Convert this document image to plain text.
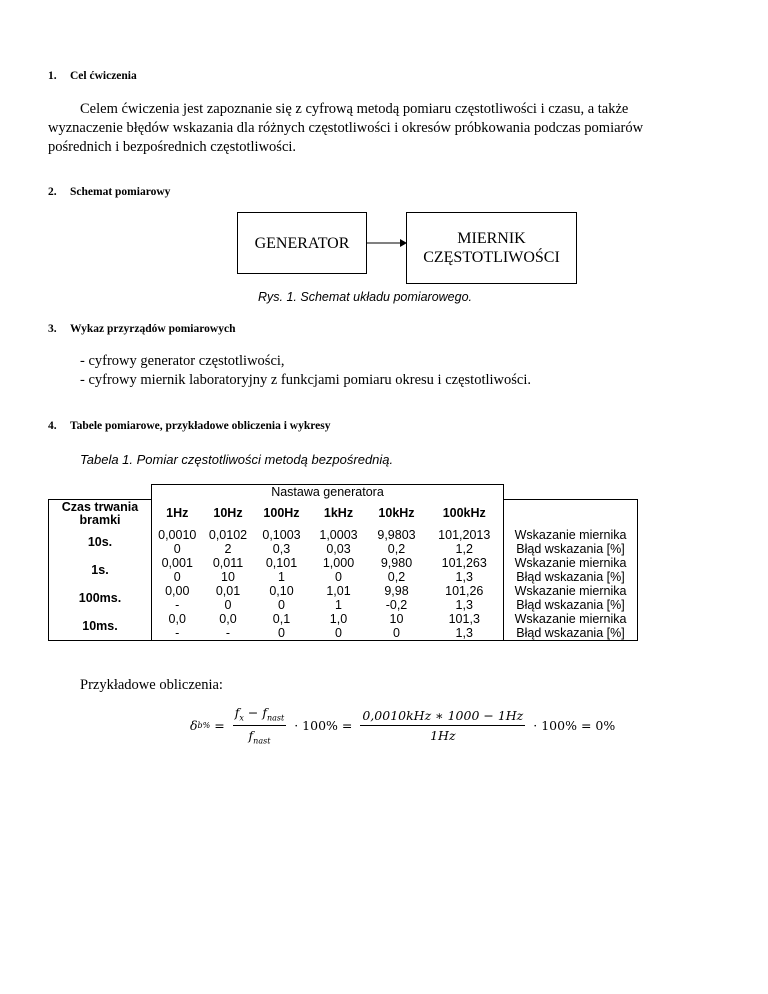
1. Cel ćwiczenia
Celem ćwiczenia jest zapoznanie się z cyfrową metodą pomiaru częstotliwości i czasu, a także
wyznaczenie błędów wskazania dla różnych częstotliwości i okresów próbkowania podczas pomiarów
pośrednich i bezpośrednich częstotliwości.
2. Schemat pomiarowy
GENERATOR	MIERNIK
CZĘSTOTLIWOŚCI
Rys. 1. Schemat układu pomiarowego.
3. Wykaz przyrządów pomiarowych
- cyfrowy generator częstotliwości,
- cyfrowy miernik laboratoryjny z funkcjami pomiaru okresu i częstotliwości.
4. Tabele pomiarowe, przykładowe obliczenia i wykresy
Tabela 1. Pomiar częstotliwości metodą bezpośrednią.
	Nastawa generatora						
Czas trwania
bramki	1Hz	10Hz	100Hz	1kHz	10kHz	100kHz	

10s.	0,0010	0,0102	0,1003	1,0003	9,9803	101,2013	Wskazanie miernika
	0	2	0,3	0,03	0,2	1,2	Błąd wskazania [%]
1s.	0,001	0,011	0,101	1,000	9,980	101,263	Wskazanie miernika
	0	10	1	0	0,2	1,3	Błąd wskazania [%]
100ms.	0,00	0,01	0,10	1,01	9,98	101,26	Wskazanie miernika
	-	0	0	1	-0,2	1,3	Błąd wskazania [%]
10ms.	0,0	0,0	0,1	1,0	10	101,3	Wskazanie miernika
	-	-	0	0	0	1,3	Błąd wskazania [%]
Przykładowe obliczenia:
δ $b\% = \frac{f_x - f_{nast}}{f_{nast}} \cdot 100\% = \frac{\text{0,0010kHz ∗ 1000 − 1Hz}}{1Hz} \cdot 100\% = 0\%$
